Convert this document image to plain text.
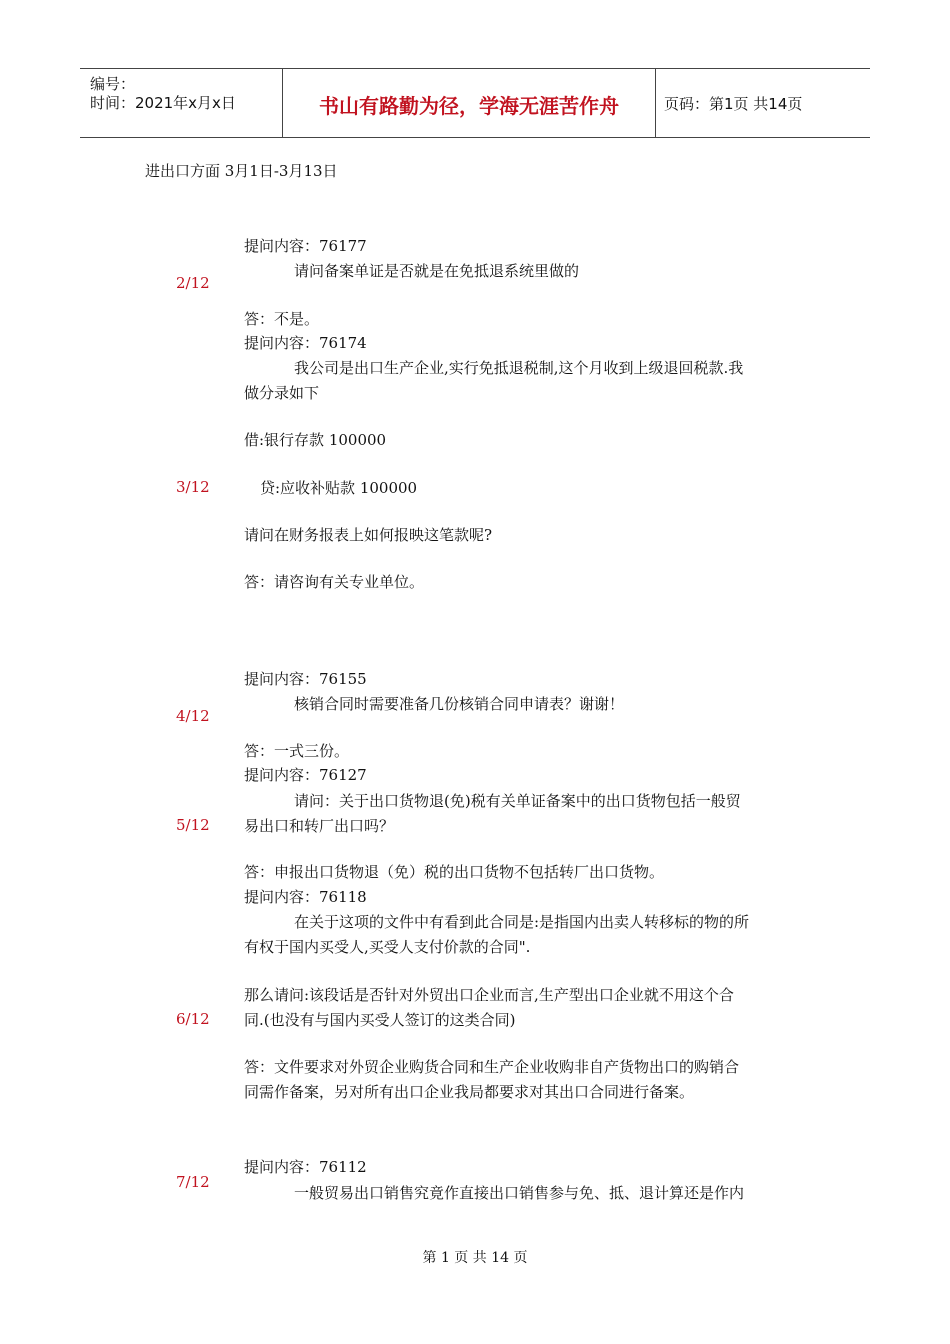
编号：
时间：2021年x月x日	书山有路勤为径，学海无涯苦作舟	页码：第1页 共14页
进出口方面 3月1日-3月13日
2/12
3/12
4/12
5/12
6/12
7/12
提问内容：76177
请问备案单证是否就是在免抵退系统里做的
答：不是。
提问内容：76174
我公司是出口生产企业,实行免抵退税制,这个月收到上级退回税款.我
做分录如下
借:银行存款 100000
贷:应收补贴款 100000
请问在财务报表上如何报映这笔款呢?
答：请咨询有关专业单位。
提问内容：76155
核销合同时需要准备几份核销合同申请表？谢谢！
答：一式三份。
提问内容：76127
请问：关于出口货物退(免)税有关单证备案中的出口货物包括一般贸
易出口和转厂出口吗？
答：申报出口货物退（免）税的出口货物不包括转厂出口货物。
提问内容：76118
在关于这项的文件中有看到此合同是:是指国内出卖人转移标的物的所
有权于国内买受人,买受人支付价款的合同".
那么请问:该段话是否针对外贸出口企业而言,生产型出口企业就不用这个合
同.(也没有与国内买受人签订的这类合同)
答：文件要求对外贸企业购货合同和生产企业收购非自产货物出口的购销合
同需作备案，另对所有出口企业我局都要求对其出口合同进行备案。
提问内容：76112
一般贸易出口销售究竟作直接出口销售参与免、抵、退计算还是作内
第 1 页 共 14 页
